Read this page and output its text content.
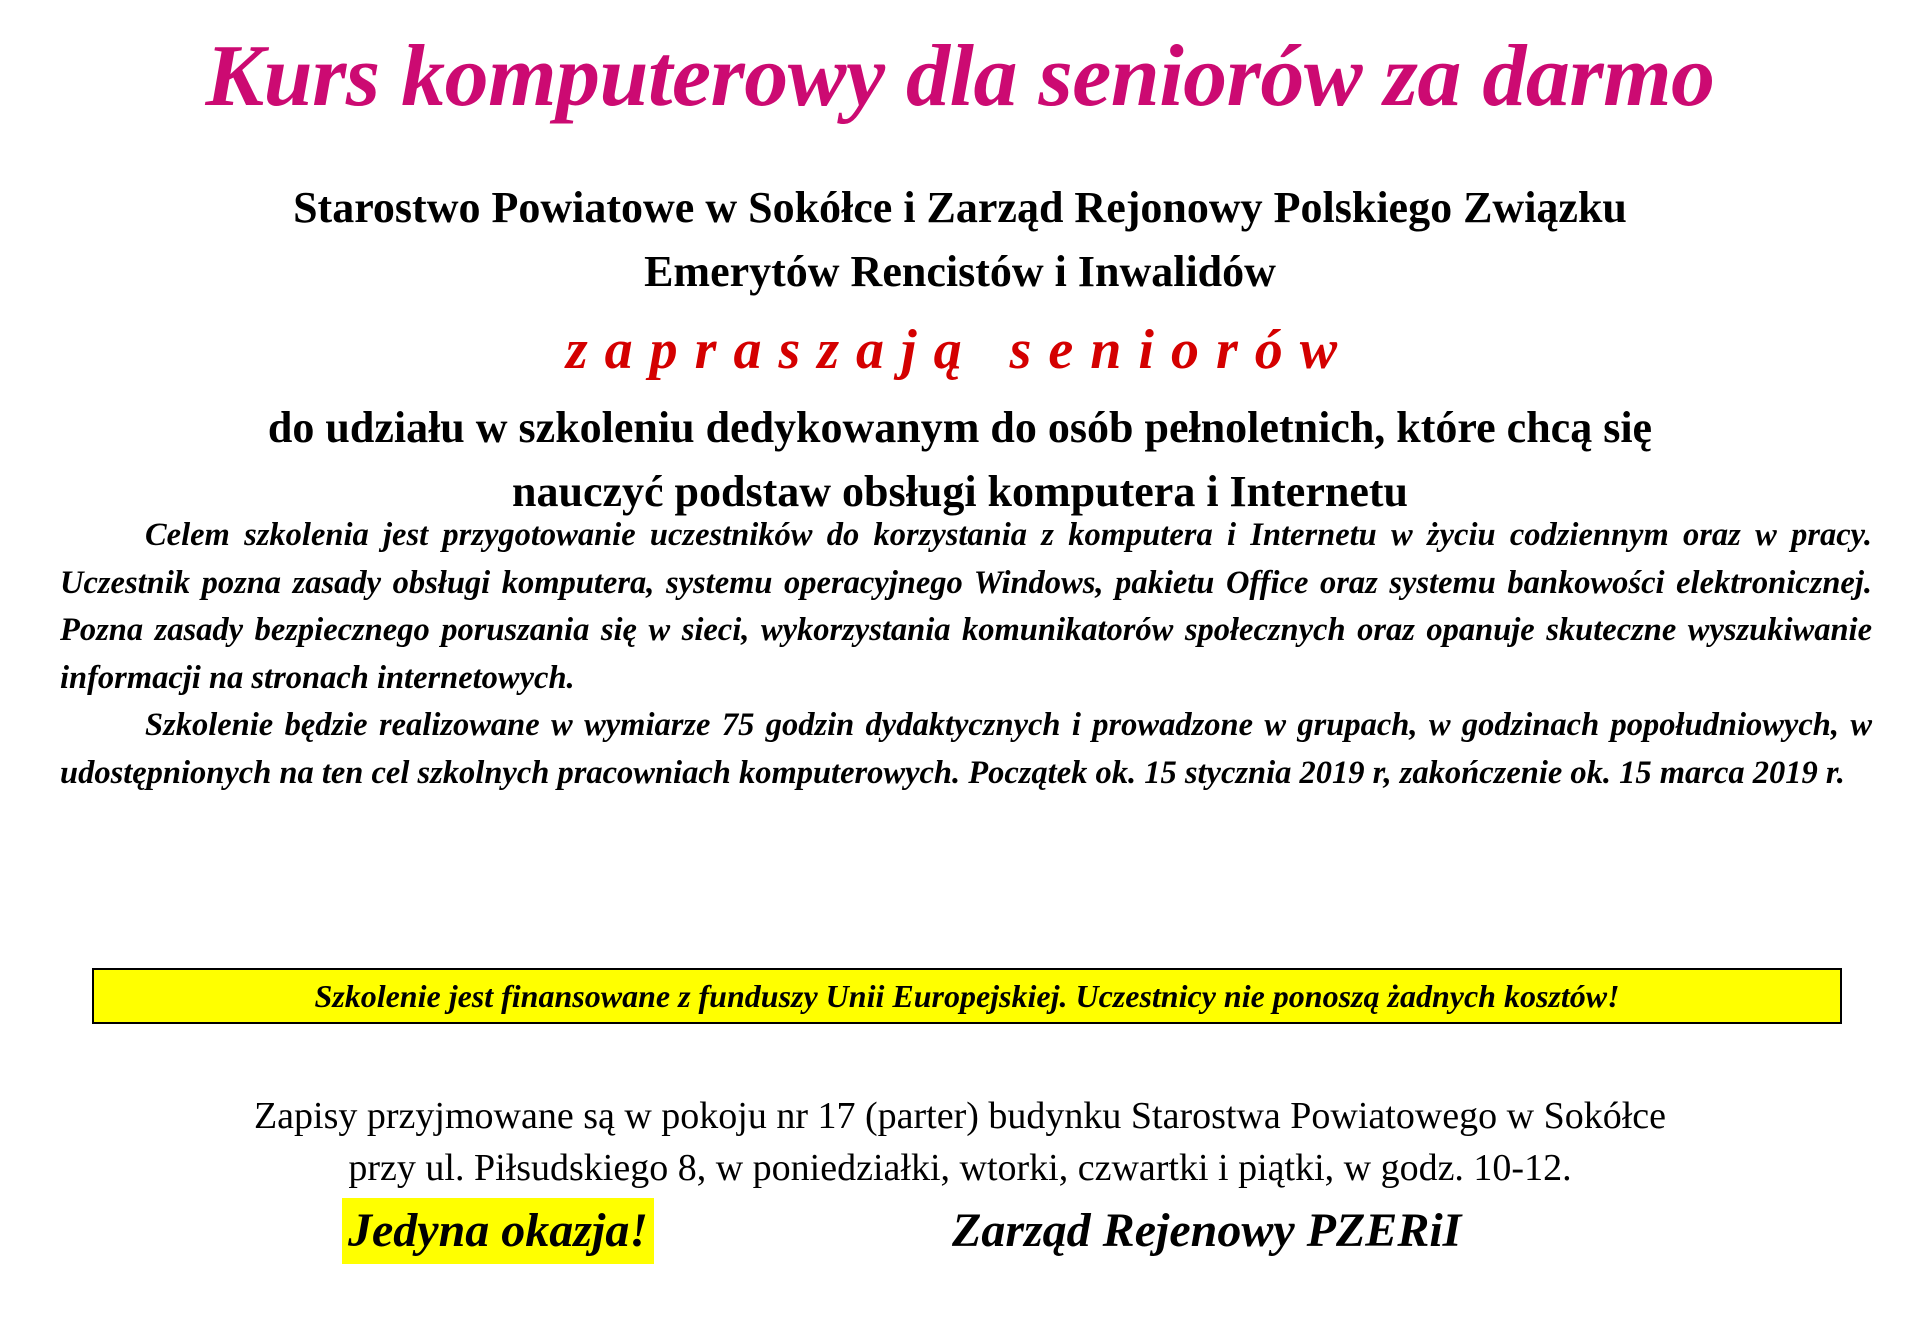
Kurs komputerowy dla seniorów za darmo
Starostwo Powiatowe w Sokółce i Zarząd Rejonowy Polskiego Związku
Emerytów Rencistów i Inwalidów
zapraszają seniorów
do udziału w szkoleniu dedykowanym do osób pełnoletnich, które chcą się
nauczyć podstaw obsługi komputera i Internetu

Celem szkolenia jest przygotowanie uczestników do korzystania z komputera i Internetu w życiu codziennym oraz w pracy. Uczestnik pozna zasady obsługi komputera, systemu operacyjnego Windows, pakietu Office oraz systemu bankowości elektronicznej. Pozna zasady bezpiecznego poruszania się w sieci, wykorzystania komunikatorów społecznych oraz opanuje skuteczne wyszukiwanie informacji na stronach internetowych.

Szkolenie będzie realizowane w wymiarze 75 godzin dydaktycznych i prowadzone w grupach, w godzinach popołudniowych, w udostępnionych na ten cel szkolnych pracowniach komputerowych. Początek ok. 15 stycznia 2019 r, zakończenie ok. 15 marca 2019 r.

Szkolenie jest finansowane z funduszy Unii Europejskiej. Uczestnicy nie ponoszą żadnych kosztów!
Zapisy przyjmowane są w pokoju nr 17 (parter) budynku Starostwa Powiatowego w Sokółce
przy ul. Piłsudskiego 8, w poniedziałki, wtorki, czwartki i piątki, w godz. 10-12.
Jedyna okazja!	Zarząd Rejenowy PZERiI
